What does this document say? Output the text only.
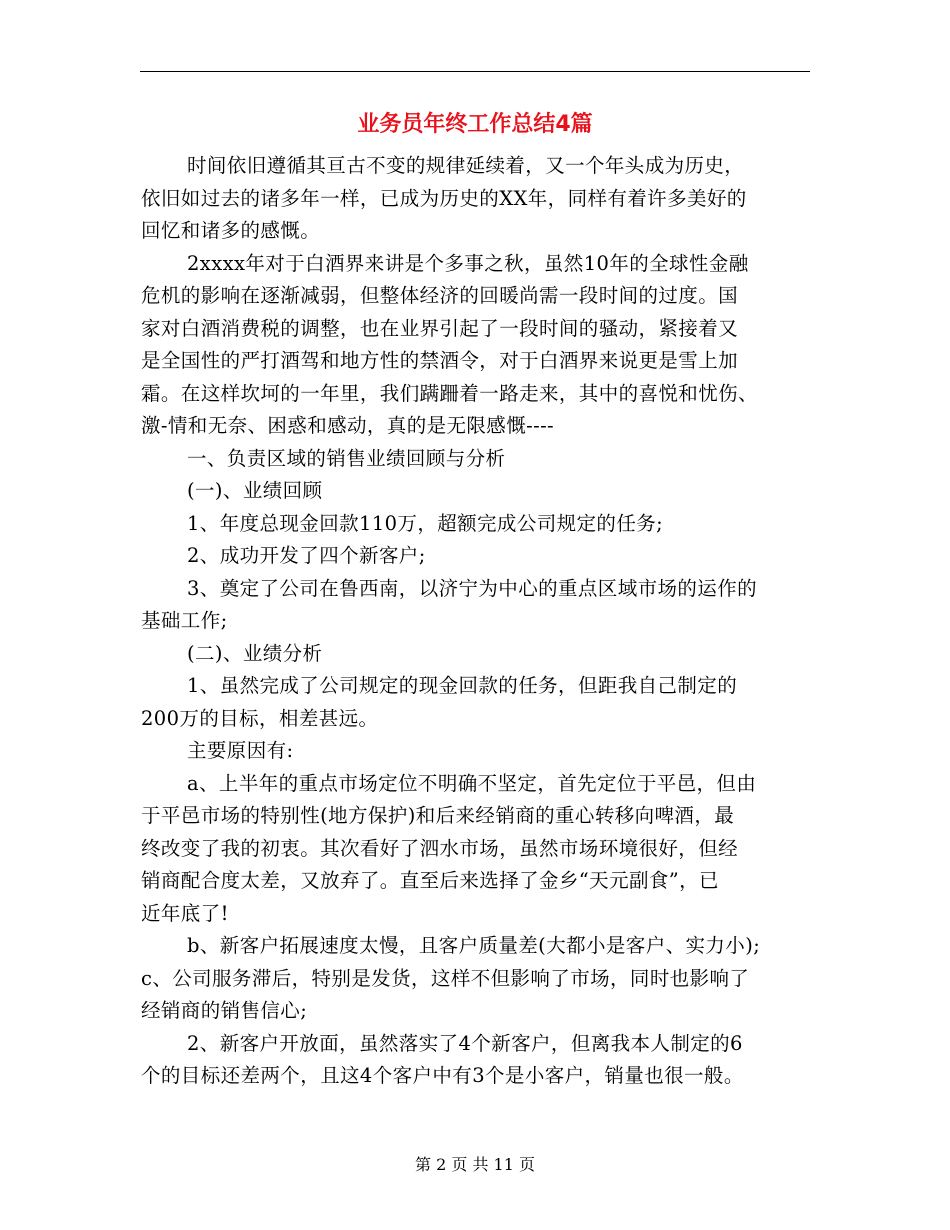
业务员年终工作总结4篇
时间依旧遵循其亘古不变的规律延续着，又一个年头成为历史，
依旧如过去的诸多年一样，已成为历史的XX年，同样有着许多美好的
回忆和诸多的感慨。
2xxxx年对于白酒界来讲是个多事之秋，虽然10年的全球性金融
危机的影响在逐渐减弱，但整体经济的回暖尚需一段时间的过度。国
家对白酒消费税的调整，也在业界引起了一段时间的骚动，紧接着又
是全国性的严打酒驾和地方性的禁酒令，对于白酒界来说更是雪上加
霜。在这样坎坷的一年里，我们蹒跚着一路走来，其中的喜悦和忧伤、
激-情和无奈、困惑和感动，真的是无限感慨----
一、负责区域的销售业绩回顾与分析
(一)、业绩回顾
1、年度总现金回款110万，超额完成公司规定的任务;
2、成功开发了四个新客户;
3、奠定了公司在鲁西南，以济宁为中心的重点区域市场的运作的
基础工作;
(二)、业绩分析
1、虽然完成了公司规定的现金回款的任务，但距我自己制定的
200万的目标，相差甚远。
主要原因有:
a、上半年的重点市场定位不明确不坚定，首先定位于平邑，但由
于平邑市场的特别性(地方保护)和后来经销商的重心转移向啤酒，最
终改变了我的初衷。其次看好了泗水市场，虽然市场环境很好，但经
销商配合度太差，又放弃了。直至后来选择了金乡“天元副食”，已
近年底了!
b、新客户拓展速度太慢，且客户质量差(大都小是客户、实力小);
c、公司服务滞后，特别是发货，这样不但影响了市场，同时也影响了
经销商的销售信心;
2、新客户开放面，虽然落实了4个新客户，但离我本人制定的6
个的目标还差两个，且这4个客户中有3个是小客户，销量也很一般。
第 2 页 共 11 页
